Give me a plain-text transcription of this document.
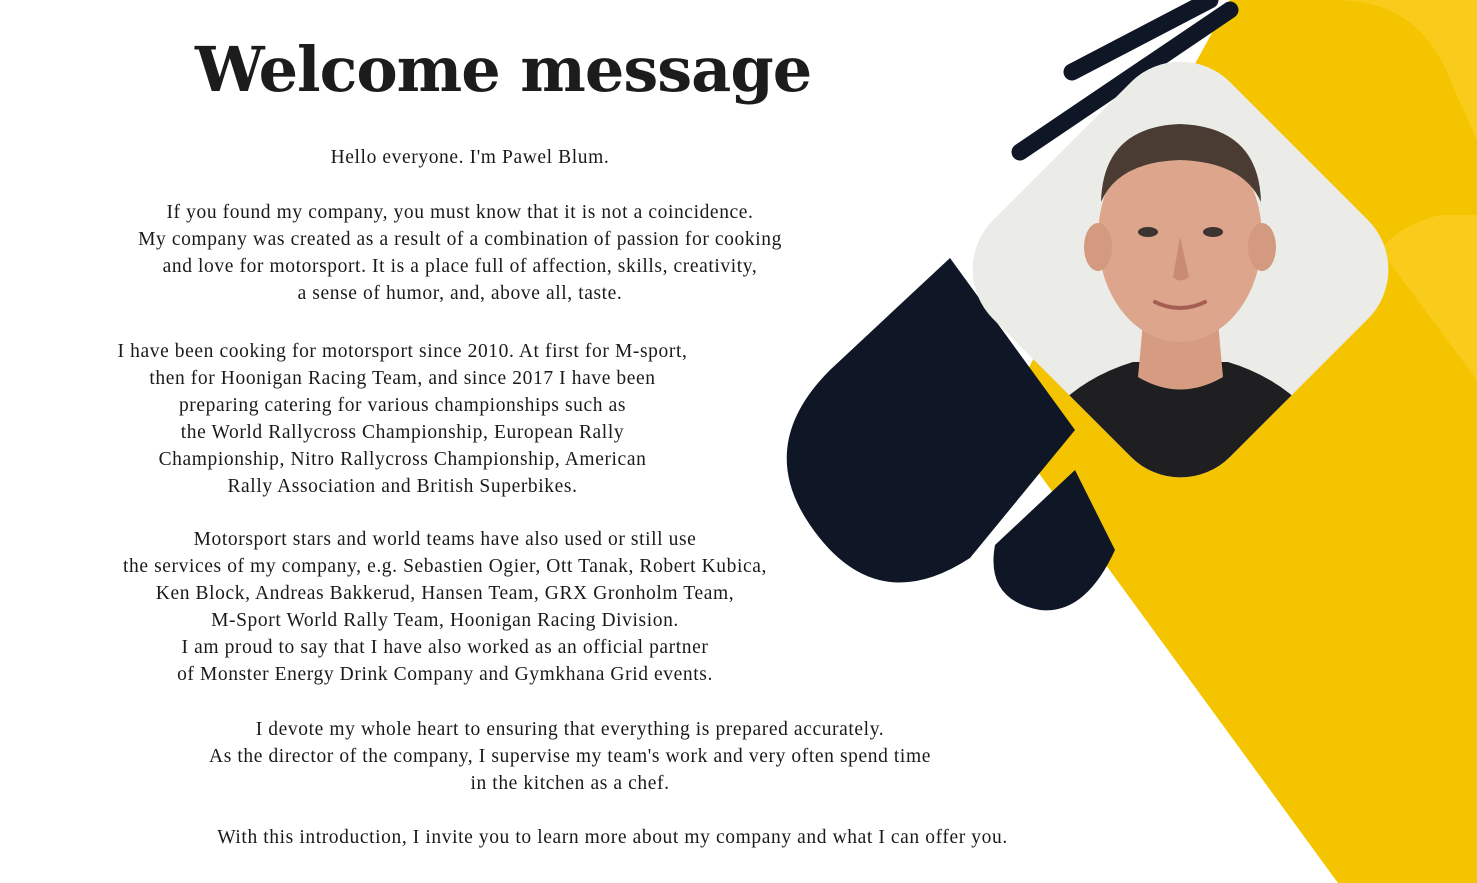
Welcome message

Hello everyone. I'm Pawel Blum.

If you found my company, you must know that it is not a coincidence.
My company was created as a result of a combination of passion for cooking
and love for motorsport. It is a place full of affection, skills, creativity,
a sense of humor, and, above all, taste.

I have been cooking for motorsport since 2010. At first for M-sport,
then for Hoonigan Racing Team, and since 2017 I have been
preparing catering for various championships such as
the World Rallycross Championship, European Rally
Championship, Nitro Rallycross Championship, American
Rally Association and British Superbikes.

Motorsport stars and world teams have also used or still use
the services of my company, e.g. Sebastien Ogier, Ott Tanak, Robert Kubica,
Ken Block, Andreas Bakkerud, Hansen Team, GRX Gronholm Team,
M-Sport World Rally Team, Hoonigan Racing Division.
I am proud to say that I have also worked as an official partner
of Monster Energy Drink Company and Gymkhana Grid events.

I devote my whole heart to ensuring that everything is prepared accurately.
As the director of the company, I supervise my team's work and very often spend time
in the kitchen as a chef.

With this introduction, I invite you to learn more about my company and what I can offer you.
